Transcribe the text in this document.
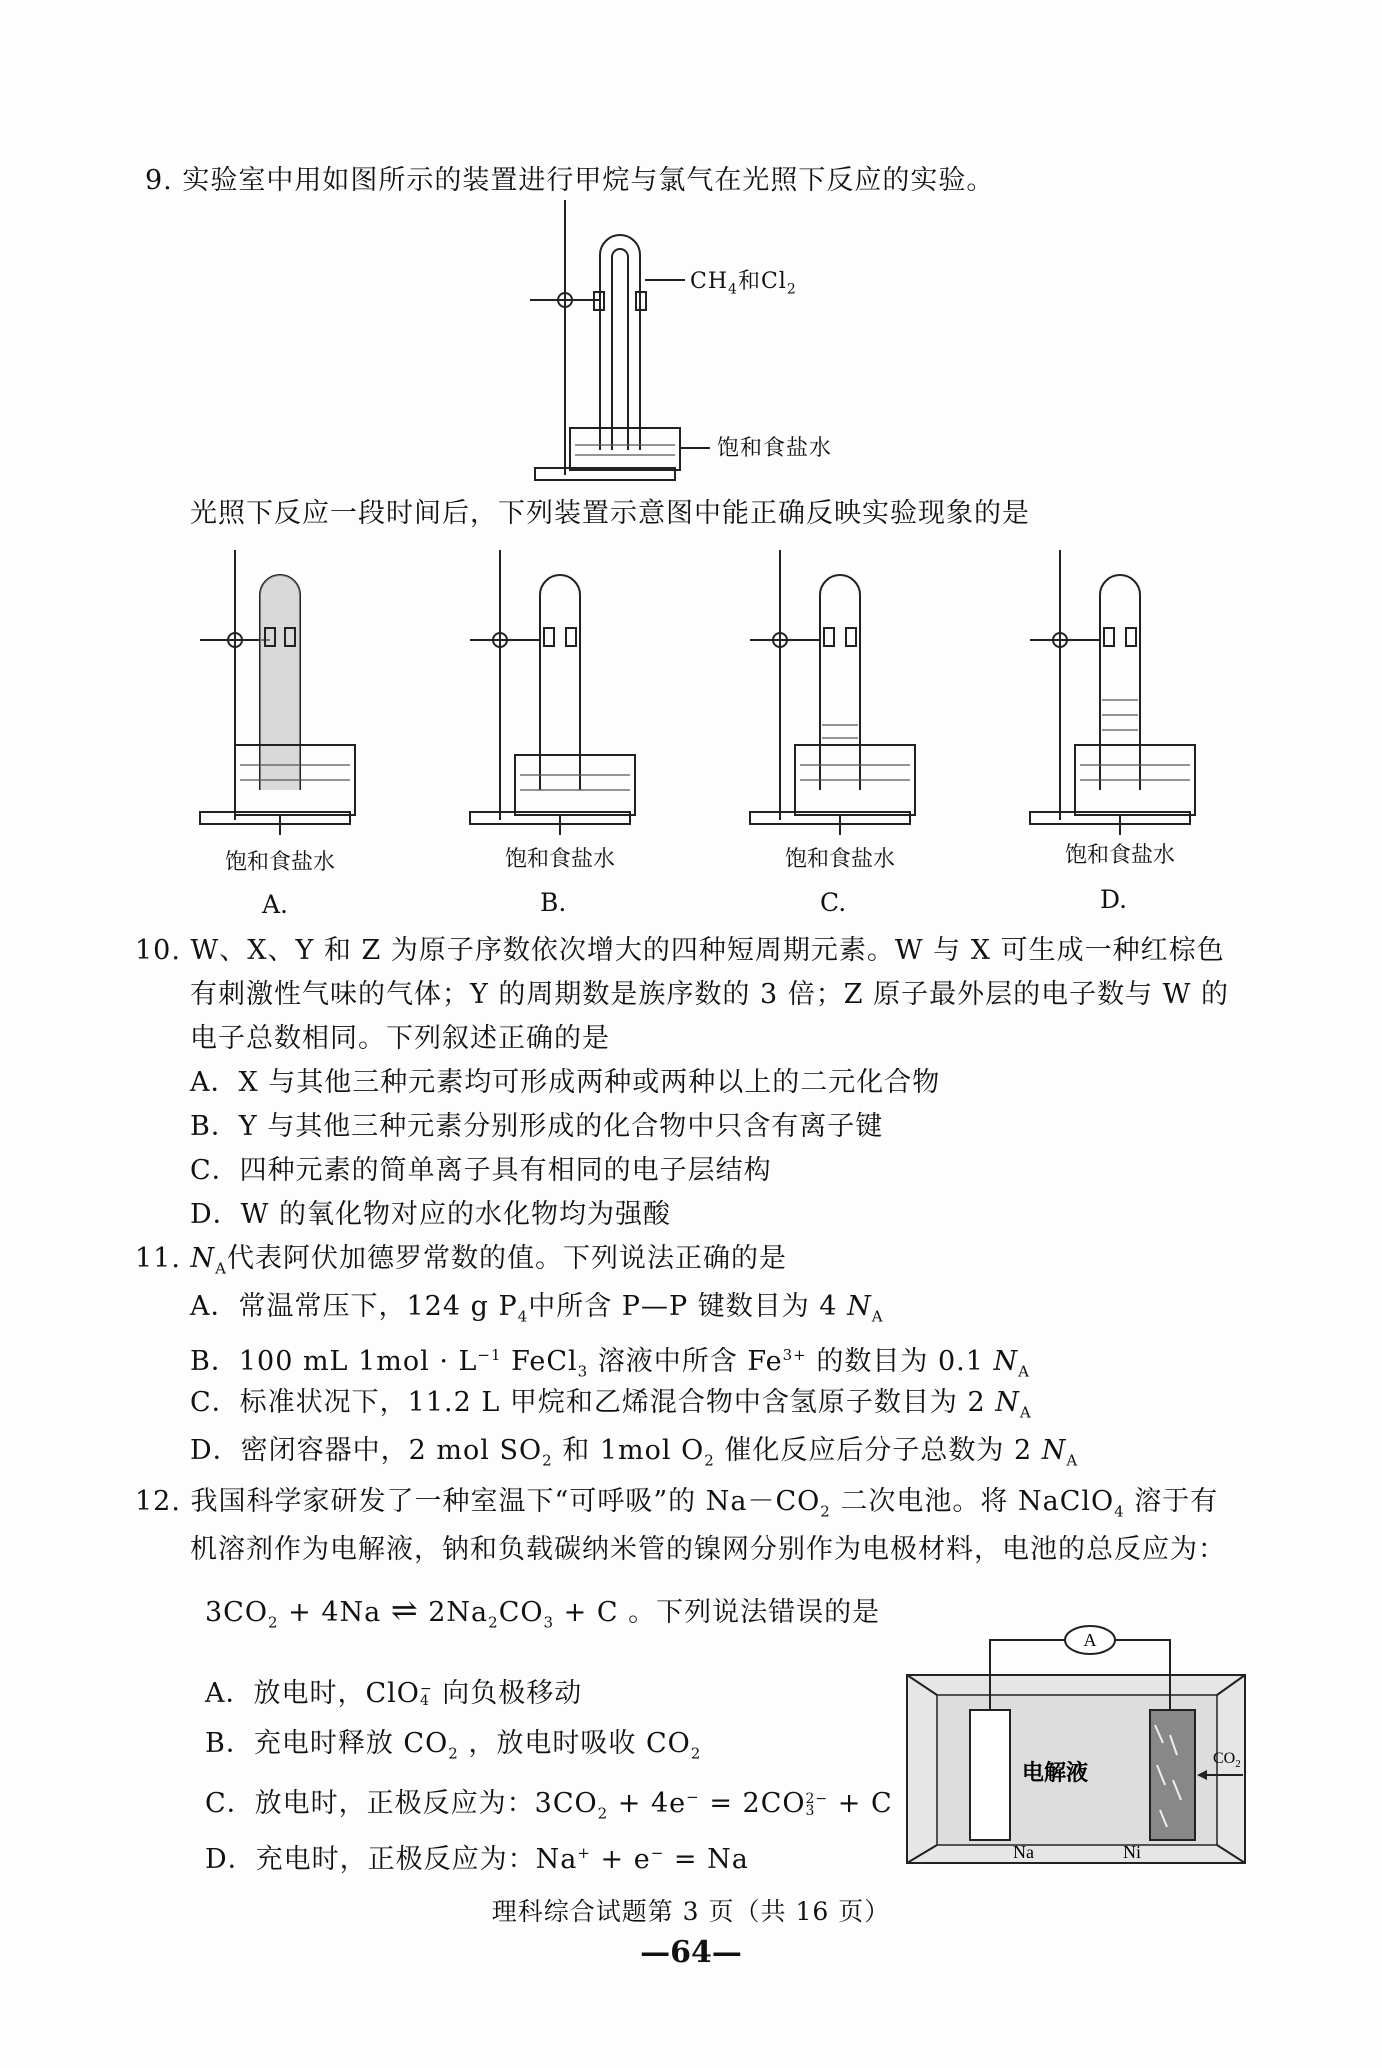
9. 实验室中用如图所示的装置进行甲烷与氯气在光照下反应的实验。
$CH_4$和$Cl_2$
饱和食盐水
光照下反应一段时间后，下列装置示意图中能正确反映实验现象的是
饱和食盐水	饱和食盐水	饱和食盐水	饱和食盐水
A.	B.	C.	D.
10. W、X、Y 和 Z 为原子序数依次增大的四种短周期元素。W 与 X 可生成一种红棕色
有刺激性气味的气体；Y 的周期数是族序数的 3 倍；Z 原子最外层的电子数与 W 的
电子总数相同。下列叙述正确的是
A．X 与其他三种元素均可形成两种或两种以上的二元化合物
B．Y 与其他三种元素分别形成的化合物中只含有离子键
C．四种元素的简单离子具有相同的电子层结构
D．W 的氧化物对应的水化物均为强酸
11. $N_A$代表阿伏加德罗常数的值。下列说法正确的是
A．常温常压下，124 g $P_4$中所含 P—P 键数目为 4 $N_A$
B．100 mL $1mol \cdot L^{-1}$ FeCl$_3$ 溶液中所含 $Fe^{3+}$ 的数目为 0.1 $N_A$
C．标准状况下，11.2 L 甲烷和乙烯混合物中含氢原子数目为 2 $N_A$
D．密闭容器中，2 mol $SO_2$ 和 1mol $O_2$ 催化反应后分子总数为 2 $N_A$
12. 我国科学家研发了一种室温下“可呼吸”的 $Na-CO_2$ 二次电池。将 NaClO$_4$ 溶于有
机溶剂作为电解液，钠和负载碳纳米管的镍网分别作为电极材料，电池的总反应为：
$3CO_2 + 4Na$ ⇌ $2Na_2CO_3 + C$ 。下列说法错误的是
A．放电时，ClO −
4 向负极移动
B．充电时释放 $CO_2$ ，放电时吸收 $CO_2$
C．放电时，正极反应为：$3CO_2 + 4e^- = 2CO$ 2−
3 + C
D．充电时，正极反应为：Na+ + e− = Na
A
电解液
Na	Ni
$CO_2$
理科综合试题第 3 页（共 16 页）
—64—
